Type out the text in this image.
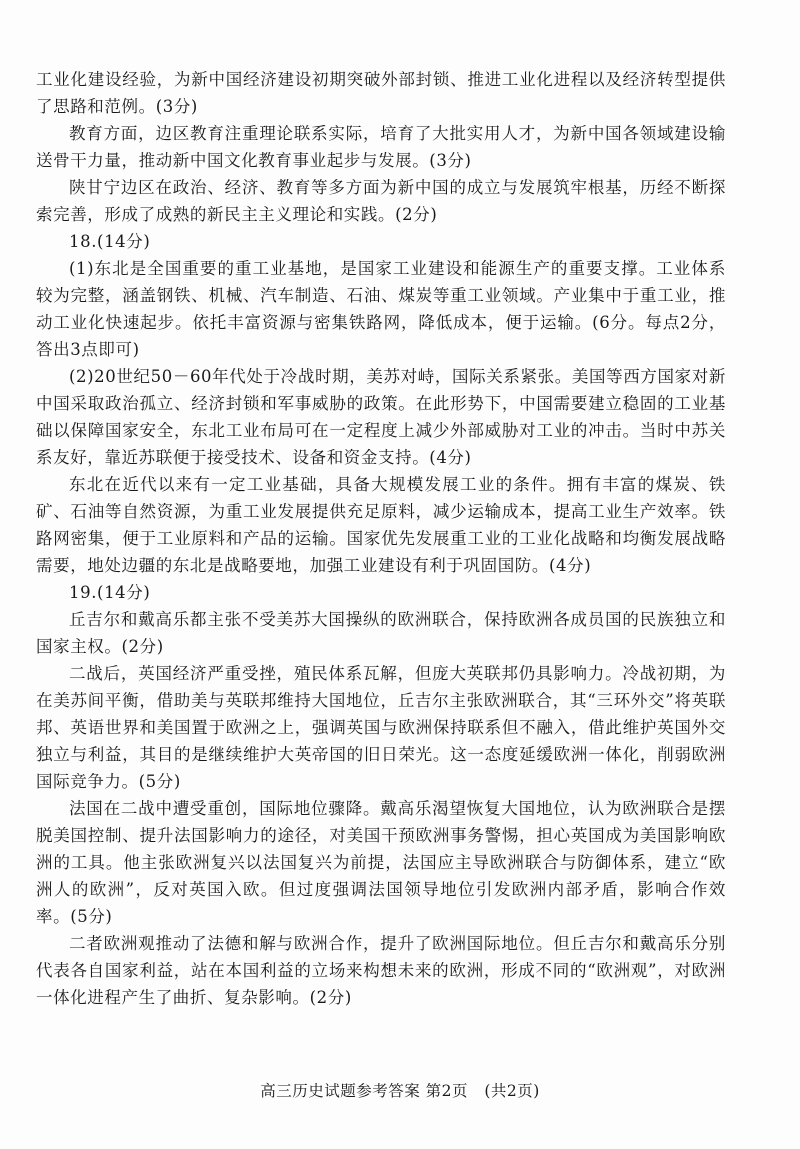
工业化建设经验，为新中国经济建设初期突破外部封锁、推进工业化进程以及经济转型提供了思路和范例。(3分)

教育方面，边区教育注重理论联系实际，培育了大批实用人才，为新中国各领域建设输送骨干力量，推动新中国文化教育事业起步与发展。(3分)

陕甘宁边区在政治、经济、教育等多方面为新中国的成立与发展筑牢根基，历经不断探索完善，形成了成熟的新民主主义理论和实践。(2分)

18.(14分)

(1)东北是全国重要的重工业基地，是国家工业建设和能源生产的重要支撑。工业体系较为完整，涵盖钢铁、机械、汽车制造、石油、煤炭等重工业领域。产业集中于重工业，推动工业化快速起步。依托丰富资源与密集铁路网，降低成本，便于运输。(6分。每点2分，答出3点即可)

(2)20世纪50－60年代处于冷战时期，美苏对峙，国际关系紧张。美国等西方国家对新中国采取政治孤立、经济封锁和军事威胁的政策。在此形势下，中国需要建立稳固的工业基础以保障国家安全，东北工业布局可在一定程度上减少外部威胁对工业的冲击。当时中苏关系友好，靠近苏联便于接受技术、设备和资金支持。(4分)

东北在近代以来有一定工业基础，具备大规模发展工业的条件。拥有丰富的煤炭、铁矿、石油等自然资源，为重工业发展提供充足原料，减少运输成本，提高工业生产效率。铁路网密集，便于工业原料和产品的运输。国家优先发展重工业的工业化战略和均衡发展战略需要，地处边疆的东北是战略要地，加强工业建设有利于巩固国防。(4分)

19.(14分)

丘吉尔和戴高乐都主张不受美苏大国操纵的欧洲联合，保持欧洲各成员国的民族独立和国家主权。(2分)

二战后，英国经济严重受挫，殖民体系瓦解，但庞大英联邦仍具影响力。冷战初期，为在美苏间平衡，借助美与英联邦维持大国地位，丘吉尔主张欧洲联合，其“三环外交”将英联邦、英语世界和美国置于欧洲之上，强调英国与欧洲保持联系但不融入，借此维护英国外交独立与利益，其目的是继续维护大英帝国的旧日荣光。这一态度延缓欧洲一体化，削弱欧洲国际竞争力。(5分)

法国在二战中遭受重创，国际地位骤降。戴高乐渴望恢复大国地位，认为欧洲联合是摆脱美国控制、提升法国影响力的途径，对美国干预欧洲事务警惕，担心英国成为美国影响欧洲的工具。他主张欧洲复兴以法国复兴为前提，法国应主导欧洲联合与防御体系，建立“欧洲人的欧洲”，反对英国入欧。但过度强调法国领导地位引发欧洲内部矛盾，影响合作效率。(5分)

二者欧洲观推动了法德和解与欧洲合作，提升了欧洲国际地位。但丘吉尔和戴高乐分别代表各自国家利益，站在本国利益的立场来构想未来的欧洲，形成不同的“欧洲观”，对欧洲一体化进程产生了曲折、复杂影响。(2分)

高三历史试题参考答案 第2页 (共2页)
